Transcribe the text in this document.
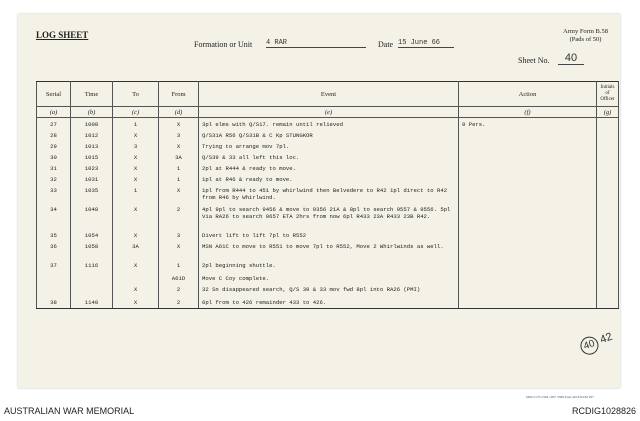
LOG SHEET
Formation or Unit 4 RAR	Date 15 June 66
Army Form B.58
(Pads of 50)
Sheet No.	40
Serial	Time	To	From	Event	Action	Initials of Officer
(a)	(b)	(c)	(d)	(e)	(f)	(g)
27	1008	1	X	3pl elms with Q/S17. remain until relieved	9 Pers.	
28	1012	X	3	Q/S31A R56 Q/S31B & C Kp STUNGKOR		
29	1013	3	X	Trying to arrange mov 7pl.		
30	1015	X	3A	Q/S39 & 33 all left this loc.		
31	1023	X	1	2pl at R444 & ready to move.		
32	1031	X	1	1pl at R46 & ready to move.		
33	1035	1	X	1pl from R444 to 451 by whirlwind then Belvedere to R42 1pl direct to R42 from R46 by Whirlwind.		
34	1048	X	2	4pl 9pl to search 9456 & move to 9356 21A & 8pl to search 9557 & 9556. 5pl Via RA26 to search 9657 ETA 2hrs from now 6pl R433 23A R433 23B R42.		
35	1054	X	3	Divert lift to lift 7pl to R552		
36	1058	3A	X	MSN A61C to move to R551 to move 7pl to R552, Move 2 Whirlwinds as well.		
37	1116	X	1	2pl beginning shuttle.		
			A61D	Move C Coy complete.		
		X	2	32 Sn disappeared search, Q/S 39 & 33 mov fwd 8pl into RA26 (PMI)		
38	1140	X	2	6pl from to 426 remainder 433 to 426.		
40 42
M82/1170 2304 1967 3398 Pads 4018 RZM 297
AUSTRALIAN WAR MEMORIAL	RCDIG1028826
